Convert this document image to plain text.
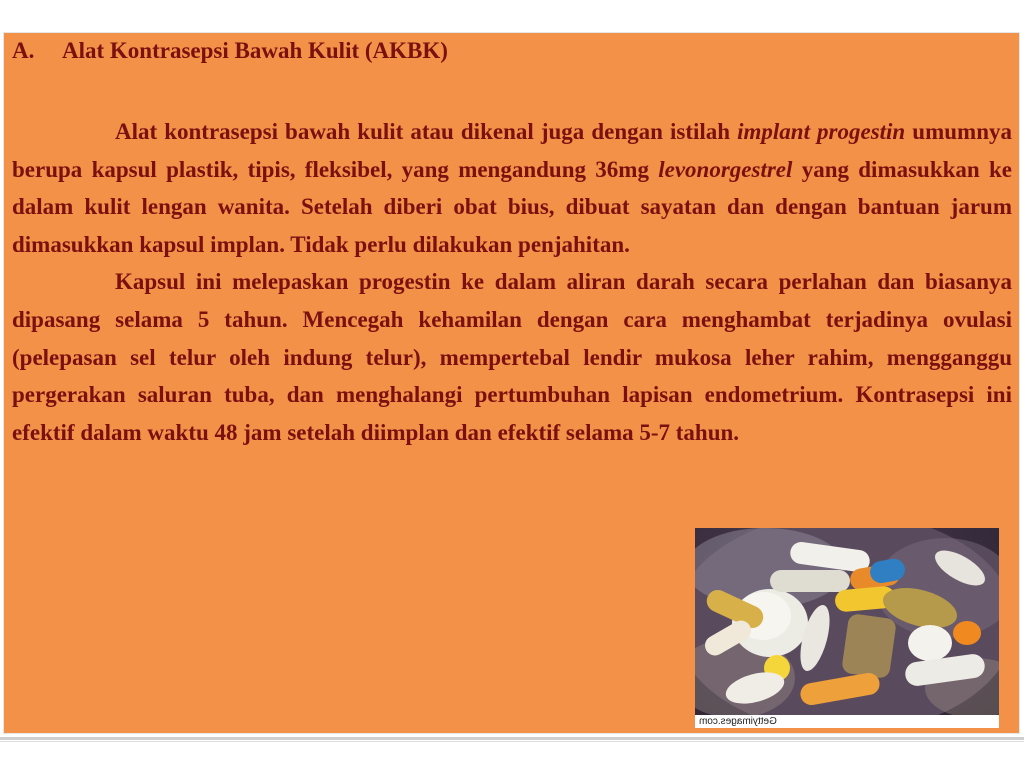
A. Alat Kontrasepsi Bawah Kulit (AKBK)

Alat kontrasepsi bawah kulit atau dikenal juga dengan istilah implant progestin umumnya berupa kapsul plastik, tipis, fleksibel, yang mengandung 36mg levonorgestrel yang dimasukkan ke dalam kulit lengan wanita. Setelah diberi obat bius, dibuat sayatan dan dengan bantuan jarum dimasukkan kapsul implan. Tidak perlu dilakukan penjahitan.

Kapsul ini melepaskan progestin ke dalam aliran darah secara perlahan dan biasanya dipasang selama 5 tahun. Mencegah kehamilan dengan cara menghambat terjadinya ovulasi (pelepasan sel telur oleh indung telur), mempertebal lendir mukosa leher rahim, mengganggu pergerakan saluran tuba, dan menghalangi pertumbuhan lapisan endometrium. Kontrasepsi ini efektif dalam waktu 48 jam setelah diimplan dan efektif selama 5-7 tahun.

Gettyimages.com
